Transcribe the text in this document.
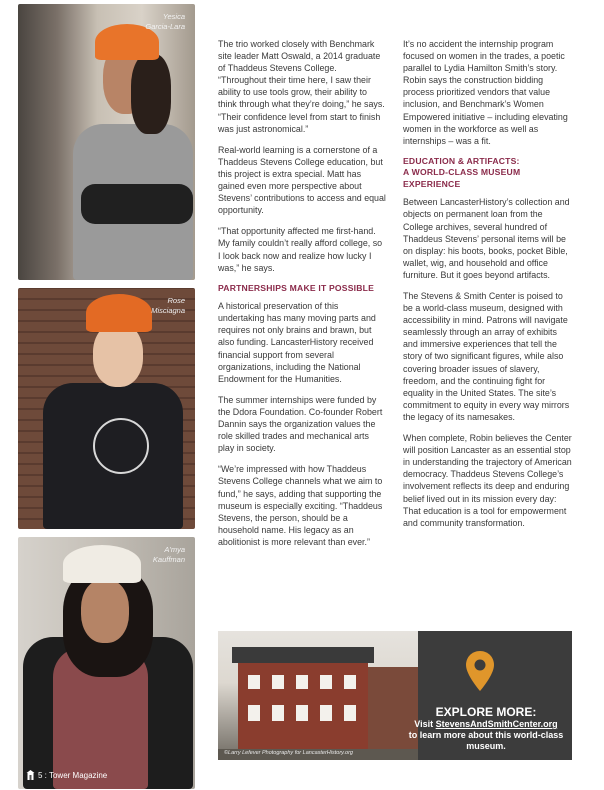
Yesica
Garcia-Lara
Rose
Misciagna
A'mya
Kauffman
5 : Tower Magazine

The trio worked closely with Benchmark site leader Matt Oswald, a 2014 graduate of Thaddeus Stevens College. “Throughout their time here, I saw their ability to use tools grow, their ability to think through what they’re doing,” he says. “Their confidence level from start to finish was just astronomical.”

Real-world learning is a cornerstone of a Thaddeus Stevens College education, but this project is extra special. Matt has gained even more perspective about Stevens’ contributions to access and equal opportunity.

“That opportunity affected me first-hand. My family couldn’t really afford college, so I look back now and realize how lucky I was,” he says.

PARTNERSHIPS MAKE IT POSSIBLE

A historical preservation of this undertaking has many moving parts and requires not only brains and brawn, but also funding. LancasterHistory received financial support from several organizations, including the National Endowment for the Humanities.

The summer internships were funded by the Ddora Foundation. Co-founder Robert Dannin says the organization values the role skilled trades and mechanical arts play in society.

“We’re impressed with how Thaddeus Stevens College channels what we aim to fund,” he says, adding that supporting the museum is especially exciting. “Thaddeus Stevens, the person, should be a household name. His legacy as an abolitionist is more relevant than ever.”

It’s no accident the internship program focused on women in the trades, a poetic parallel to Lydia Hamilton Smith’s story. Robin says the construction bidding process prioritized vendors that value inclusion, and Benchmark’s Women Empowered initiative – including elevating women in the workforce as well as internships – was a fit.

EDUCATION & ARTIFACTS:
A WORLD-CLASS MUSEUM EXPERIENCE

Between LancasterHistory’s collection and objects on permanent loan from the College archives, several hundred of Thaddeus Stevens’ personal items will be on display: his boots, books, pocket Bible, wallet, wig, and household and office furniture. But it goes beyond artifacts.

The Stevens & Smith Center is poised to be a world-class museum, designed with accessibility in mind. Patrons will navigate seamlessly through an array of exhibits and immersive experiences that tell the story of two significant figures, while also covering broader issues of slavery, freedom, and the continuing fight for equality in the United States. The site’s commitment to equity in every way mirrors the legacy of its namesakes.

When complete, Robin believes the Center will position Lancaster as an essential stop in understanding the trajectory of American democracy. Thaddeus Stevens College’s involvement reflects its deep and enduring belief lived out in its mission every day: That education is a tool for empowerment and community transformation.

©Larry Lefever Photography for LancasterHistory.org
EXPLORE MORE:
Visit StevensAndSmithCenter.org
to learn more about this world-class museum.
